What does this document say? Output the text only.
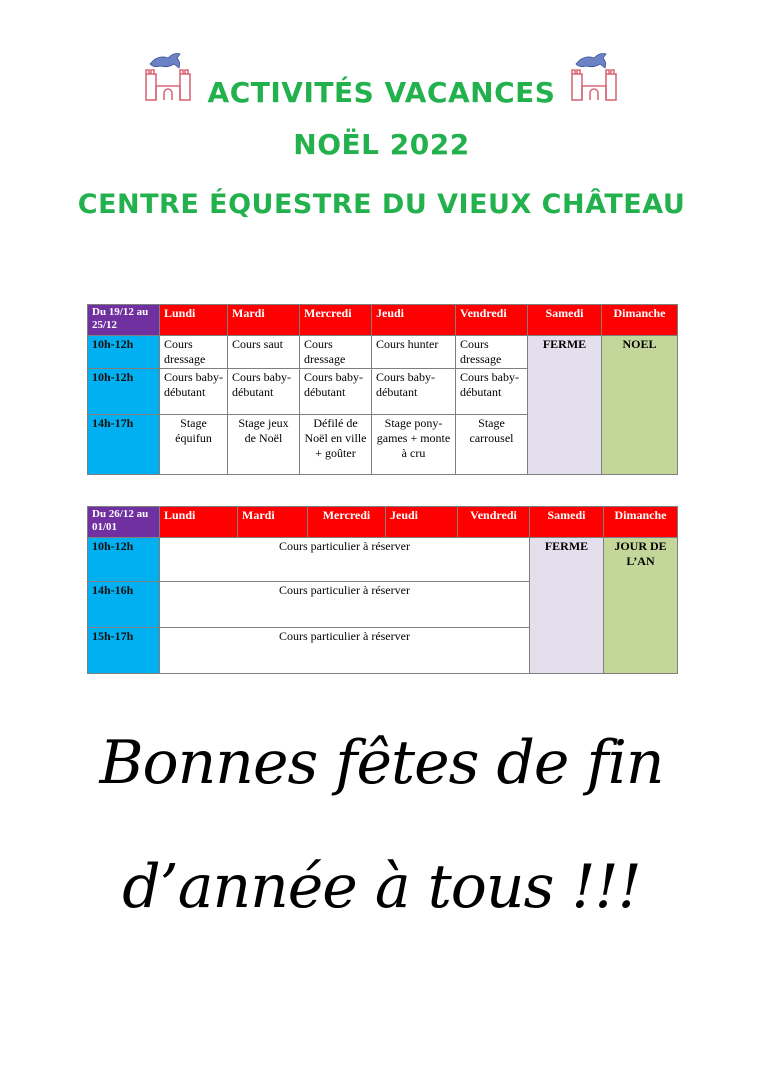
ACTIVITÉS VACANCES
NOËL 2022
CENTRE ÉQUESTRE DU VIEUX CHÂTEAU
Du 19/12 au 25/12	Lundi	Mardi	Mercredi	Jeudi	Vendredi	Samedi	Dimanche
10h-12h	Cours dressage	Cours saut	Cours dressage	Cours hunter	Cours dressage	FERME	NOEL
10h-12h	Cours baby-débutant	Cours baby-débutant	Cours baby-débutant	Cours baby-débutant	Cours baby-débutant		
14h-17h	Stage équifun	Stage jeux de Noël	Défilé de Noël en ville + goûter	Stage pony-games + monte à cru	Stage carrousel		
Du 26/12 au 01/01	Lundi	Mardi	Mercredi	Jeudi	Vendredi	Samedi	Dimanche
10h-12h	Cours particulier à réserver					FERME	JOUR DE L’AN
14h-16h	Cours particulier à réserver						
15h-17h	Cours particulier à réserver						
Bonnes fêtes de fin
d’année à tous !!!
